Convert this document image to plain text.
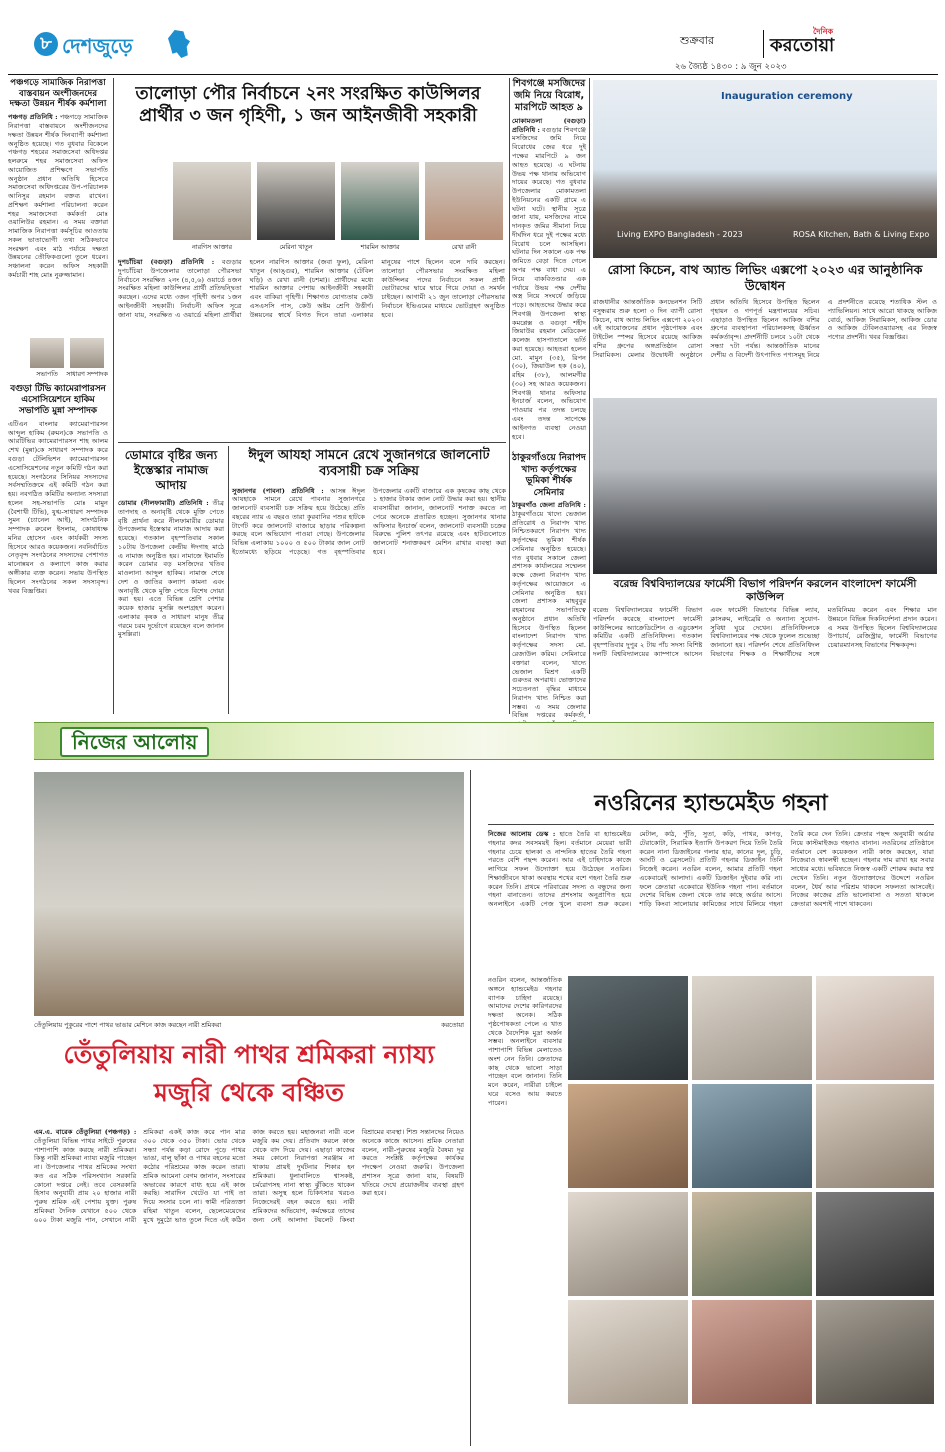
৮ দেশজুড়ে	শুক্রবার
দৈনিক
করতোয়া
২৬ জ্যৈষ্ঠ ১৪৩০ : ৯ জুন ২০২৩
পঞ্চগড়ে সামাজিক নিরাপত্তা বাস্তবায়ন অংশীজনদের দক্ষতা উন্নয়ন শীর্ষক কর্মশালা
পঞ্চগড় প্রতিনিধি : পঞ্চগড়ে সামাজিক নিরাপত্তা বাস্তবায়নে অংশীজনদের দক্ষতা উন্নয়ন শীর্ষক দিনব্যাপী কর্মশালা অনুষ্ঠিত হয়েছে। গত বুধবার বিকেলে পঞ্চগড় শহরের সমাজসেবা অধিদপ্তর হলরুমে শহর সমাজসেবা অফিস আয়োজিত প্রশিক্ষণে সভাপতি অনুষ্ঠান প্রধান অতিথি হিসেবে সমাজসেবা অধিদপ্তরের উপ-পরিচালক আনিসুর রহমান বক্তব্য রাখেন। প্রশিক্ষণ কর্মশালা পরিচালনা করেন শহর সমাজসেবা কর্মকর্তা মোঃ ওয়ালিউর রহমান। এ সময় বক্তারা সামাজিক নিরাপত্তা কর্মসূচির আওতায় সকল ভাতাভোগী তথ্য সঠিকভাবে সংরক্ষণ এবং মাঠ পর্যায়ে দক্ষতা উন্নয়নের তৌফিকগুলো তুলে ধরেন। সঞ্চালনা করেন অফিস সহকারী কর্মচারী শাহ মোঃ নুরুজ্জামান।
সভাপতি	সাধারণ সম্পাদক
বগুড়া টিভি ক্যামেরাপারসন এসোসিয়েশনে হাকিম সভাপতি মুন্না সম্পাদক
এটিএন বাংলার ক্যামেরাপারসন আব্দুল হাকিম (রুমন)কে সভাপতি ও আরটিভির ক্যামেরাপারসন শাহ আলম শেখ (মুন্না)কে সাধারণ সম্পাদক করে বগুড়া টেলিভিশন ক্যামেরাপারসন এসোসিয়েশনের নতুন কমিটি গঠন করা হয়েছে। সংগঠনের সিনিয়র সদস্যদের সর্বসম্মতিক্রমে এই কমিটি গঠন করা হয়। নবগঠিত কমিটির অন্যান্য সদস্যরা হলেন সহ-সভাপতি মোঃ মামুন (বৈশাখী টিভি), যুগ্ম-সাধারণ সম্পাদক সুমন (চ্যানেল আই), সাংগঠনিক সম্পাদক রুবেল ইসলাম, কোষাধ্যক্ষ মনির হোসেন এবং কার্যকরী সদস্য হিসেবে আরও কয়েকজন। নবনির্বাচিত নেতৃবৃন্দ সংগঠনের সদস্যদের পেশাগত মানোন্নয়ন ও কল্যাণে কাজ করার অঙ্গীকার ব্যক্ত করেন। সভায় উপস্থিত ছিলেন সংগঠনের সকল সদস্যবৃন্দ। খবর বিজ্ঞপ্তির।
তালোড়া পৌর নির্বাচনে ২নং সংরক্ষিত কাউন্সিলর প্রার্থীর ৩ জন গৃহিণী, ১ জন আইনজীবী সহকারী
নারগিস আক্তার	মেরিনা খাতুন	শারমিন আক্তার	রেখা রানী
দুপচাঁচিয়া (বগুড়া) প্রতিনিধি : বগুড়ার দুপচাঁচিয়া উপজেলার তালোড়া পৌরসভা নির্বাচনে সংরক্ষিত ২নং (৪,৫,৬) ওয়ার্ডে ৪জন সংরক্ষিত মহিলা কাউন্সিলর প্রার্থী প্রতিদ্বন্দ্বিতা করছেন। এদের মধ্যে ৩জন গৃহিণী অপর ১জন আইনজীবী সহকারী। নির্বাচনী অফিস সূত্রে জানা যায়, সংরক্ষিত এ ওয়ার্ডে মহিলা প্রার্থীরা হলেন নারগিস আক্তার (জবা ফুল), মেরিনা খাতুন (আঙ্গুর), শারমিন আক্তার (টেবিল ঘড়ি) ও রেখা রানী (চশমা)। প্রার্থীদের মধ্যে শারমিন আক্তার পেশায় আইনজীবী সহকারী এবং বাকিরা গৃহিণী। শিক্ষাগত যোগ্যতায় কেউ এসএসসি পাস, কেউ অষ্টম শ্রেণি উত্তীর্ণ। উন্নয়নের স্বার্থে বিগত দিনে তারা এলাকার মানুষের পাশে ছিলেন বলে দাবি করছেন। তালোড়া পৌরসভার সংরক্ষিত মহিলা কাউন্সিলর পদের নির্বাচনে সকল প্রার্থী ভোটারদের দ্বারে দ্বারে গিয়ে দোয়া ও সমর্থন চাইছেন। আগামী ২১ জুন তালোড়া পৌরসভার নির্বাচনে ইভিএমের মাধ্যমে ভোটগ্রহণ অনুষ্ঠিত হবে।
ডোমারে বৃষ্টির জন্য ইস্তেস্কার নামাজ আদায়
ডোমার (নীলফামারী) প্রতিনিধি : তীব্র তাপদাহ ও অনাবৃষ্টি থেকে মুক্তি পেতে বৃষ্টি প্রার্থনা করে নীলফামারীর ডোমার উপজেলায় ইস্তেস্কার নামাজ আদায় করা হয়েছে। গতকাল বৃহস্পতিবার সকাল ১০টায় উপজেলা কেন্দ্রীয় ঈদগাহ মাঠে এ নামাজ অনুষ্ঠিত হয়। নামাজে ইমামতি করেন ডোমার বড় মসজিদের খতিব মাওলানা আব্দুল হাকিম। নামাজ শেষে দেশ ও জাতির কল্যাণ কামনা এবং অনাবৃষ্টি থেকে মুক্তি পেতে বিশেষ দোয়া করা হয়। এতে বিভিন্ন শ্রেণি পেশার কয়েক হাজার মুসল্লি অংশগ্রহণ করেন। এলাকার কৃষক ও সাধারণ মানুষ তীব্র গরমে চরম দুর্ভোগে রয়েছেন বলে জানান মুসল্লিরা।
ঈদুল আযহা সামনে রেখে সুজানগরে জালনোট ব্যবসায়ী চক্র সক্রিয়
সুজানগর (পাবনা) প্রতিনিধি : আসন্ন ঈদুল আযহাকে সামনে রেখে পাবনার সুজানগরে জালনোট ব্যবসায়ী চক্র সক্রিয় হয়ে উঠেছে। প্রতি বছরের ন্যায় এ বছরও তারা কুরবানির পশুর হাটকে টার্গেট করে জালনোট বাজারে ছাড়ার পরিকল্পনা করছে বলে অভিযোগ পাওয়া গেছে। উপজেলার বিভিন্ন এলাকায় ১০০০ ও ৫০০ টাকার জাল নোট ইতোমধ্যে ছড়িয়ে পড়েছে। গত বৃহস্পতিবার উপজেলার একটি বাজারে এক কৃষকের কাছ থেকে ১ হাজার টাকার জাল নোট উদ্ধার করা হয়। স্থানীয় ব্যবসায়ীরা জানান, জালনোট শনাক্ত করতে না পেরে অনেকে প্রতারিত হচ্ছেন। সুজানগর থানার অফিসার ইনচার্জ বলেন, জালনোট ব্যবসায়ী চক্রের বিরুদ্ধে পুলিশ তৎপর রয়েছে এবং হাটগুলোতে জালনোট শনাক্তকরণ মেশিন রাখার ব্যবস্থা করা হবে।
শিবগঞ্জে মসজিদের জমি নিয়ে বিরোধ, মারপিটে আহত ৯
মোকামতলা (বগুড়া) প্রতিনিধি : বগুড়ার শিবগঞ্জে মসজিদের জমি নিয়ে বিরোধের জের ধরে দুই পক্ষের মারপিটে ৯ জন আহত হয়েছে। এ ঘটনায় উভয় পক্ষ থানায় অভিযোগ দায়ের করেছে। গত বুধবার উপজেলার মোকামতলা ইউনিয়নের একটি গ্রামে এ ঘটনা ঘটে। স্থানীয় সূত্রে জানা যায়, মসজিদের নামে দানকৃত জমির সীমানা নিয়ে দীর্ঘদিন ধরে দুই পক্ষের মধ্যে বিরোধ চলে আসছিল। ঘটনার দিন সকালে এক পক্ষ জমিতে বেড়া দিতে গেলে অপর পক্ষ বাধা দেয়। এ নিয়ে বাকবিতণ্ডার এক পর্যায়ে উভয় পক্ষ দেশীয় অস্ত্র নিয়ে সংঘর্ষে জড়িয়ে পড়ে। আহতদের উদ্ধার করে শিবগঞ্জ উপজেলা স্বাস্থ্য কমপ্লেক্স ও বগুড়া শহীদ জিয়াউর রহমান মেডিকেল কলেজ হাসপাতালে ভর্তি করা হয়েছে। আহতরা হলেন মো. মামুন (৩৫), রিপন (৩০), জিয়াউল হক (৪০), রহিম (৩৮), আলমগীর (৩০) সহ আরও কয়েকজন। শিবগঞ্জ থানার অফিসার ইনচার্জ বলেন, অভিযোগ পাওয়ার পর তদন্ত চলছে এবং তদন্ত সাপেক্ষে আইনগত ব্যবস্থা নেওয়া হবে।
ঠাকুরগাঁওয়ে নিরাপদ খাদ্য কর্তৃপক্ষের ভূমিকা শীর্ষক সেমিনার
ঠাকুরগাঁও জেলা প্রতিনিধি : ঠাকুরগাঁওয়ে খাদ্যে ভেজাল প্রতিরোধ ও নিরাপদ খাদ্য নিশ্চিতকরণে নিরাপদ খাদ্য কর্তৃপক্ষের ভূমিকা শীর্ষক সেমিনার অনুষ্ঠিত হয়েছে। গত বুধবার সকালে জেলা প্রশাসক কার্যালয়ের সম্মেলন কক্ষে জেলা নিরাপদ খাদ্য কর্তৃপক্ষের আয়োজনে এ সেমিনার অনুষ্ঠিত হয়। জেলা প্রশাসক মাহবুবুর রহমানের সভাপতিত্বে অনুষ্ঠানে প্রধান অতিথি হিসেবে উপস্থিত ছিলেন বাংলাদেশ নিরাপদ খাদ্য কর্তৃপক্ষের সদস্য মো. রেজাউল করিম। সেমিনারে বক্তারা বলেন, খাদ্যে ভেজাল মিশ্রণ একটি গুরুতর অপরাধ। ভোক্তাদের সচেতনতা বৃদ্ধির মাধ্যমে নিরাপদ খাদ্য নিশ্চিত করা সম্ভব। এ সময় জেলার বিভিন্ন দপ্তরের কর্মকর্তা,
Inauguration ceremony
Living EXPO Bangladesh - 2023	ROSA Kitchen, Bath & Living Expo
রোসা কিচেন, বাথ অ্যান্ড লিভিং এক্সপো ২০২৩ এর আনুষ্ঠানিক উদ্বোধন
রাজধানীর আন্তর্জাতিক কনভেনশন সিটি বসুন্ধরায় শুরু হলো ৩ দিন ব্যাপী রোসা কিচেন, বাথ অ্যান্ড লিভিং এক্সপো ২০২৩। এই আয়োজনের প্রধান পৃষ্ঠপোষক এবং টাইটেল স্পন্সর হিসেবে রয়েছে আকিজ বশির গ্রুপের অঙ্গপ্রতিষ্ঠান রোসা সিরামিকস। মেলার উদ্বোধনী অনুষ্ঠানে প্রধান অতিথি হিসেবে উপস্থিত ছিলেন গৃহায়ন ও গণপূর্ত মন্ত্রণালয়ের সচিব। এছাড়াও উপস্থিত ছিলেন আকিজ বশির গ্রুপের ব্যবস্থাপনা পরিচালকসহ ঊর্ধ্বতন কর্মকর্তাবৃন্দ। প্রদর্শনীটি চলবে ১০টা থেকে সন্ধ্যা ৭টা পর্যন্ত। আন্তর্জাতিক মানের দেশীয় ও বিদেশী উৎপাদিত পণ্যসমূহ নিয়ে এ প্রদর্শনীতে রয়েছে শতাধিক স্টল ও প্যাভিলিয়ন। সাথে আরো থাকছে আকিজ বোর্ড, আকিজ সিরামিকস, আকিজ ডোর ও আকিজ টেবিলওয়্যারসহ এর নিজস্ব পণ্যের প্রদর্শনী। খবর বিজ্ঞপ্তির।
বরেন্দ্র বিশ্ববিদ্যালয়ের ফার্মেসী বিভাগ পরিদর্শন করলেন বাংলাদেশ ফার্মেসী কাউন্সিল
বরেন্দ্র বিশ্ববিদ্যালয়ের ফার্মেসী বিভাগ পরিদর্শন করেছে বাংলাদেশ ফার্মেসী কাউন্সিলের অ্যাক্রেডিটেশন ও এডুকেশন কমিটির একটি প্রতিনিধিদল। গতকাল বৃহস্পতিবার দুপুর ২ টায় পাঁচ সদস্য বিশিষ্ট দলটি বিশ্ববিদ্যালয়ের ক্যাম্পাসে আসেন এবং ফার্মেসী বিভাগের বিভিন্ন ল্যাব, ক্লাসরুম, লাইব্রেরি ও অন্যান্য সুযোগ-সুবিধা ঘুরে দেখেন। প্রতিনিধিদলকে বিশ্ববিদ্যালয়ের পক্ষ থেকে ফুলেল শুভেচ্ছা জানানো হয়। পরিদর্শন শেষে প্রতিনিধিদল বিভাগের শিক্ষক ও শিক্ষার্থীদের সঙ্গে মতবিনিময় করেন এবং শিক্ষার মান উন্নয়নে বিভিন্ন দিকনির্দেশনা প্রদান করেন। এ সময় উপস্থিত ছিলেন বিশ্ববিদ্যালয়ের উপাচার্য, রেজিস্ট্রার, ফার্মেসী বিভাগের চেয়ারম্যানসহ বিভাগের শিক্ষকবৃন্দ।
নিজের আলোয়
তেঁতুলিয়ায় পুকুরের পাশে পাথর ভাঙার মেশিনে কাজ করছেন নারী শ্রমিকরা	করতোয়া
তেঁতুলিয়ায় নারী পাথর শ্রমিকরা ন্যায্য মজুরি থেকে বঞ্চিত
এম.এ. বারেক তেঁতুলিয়া (পঞ্চগড়) : তেঁতুলিয়া বিভিন্ন পাথর সাইটে পুরুষের পাশাপাশি কাজ করছে নারী শ্রমিকরা। কিন্তু নারী শ্রমিকরা ন্যায্য মজুরি পাচ্ছেন না। উপজেলার পাথর শ্রমিকের সংখ্যা কত এর সঠিক পরিসংখ্যান সরকারি কোনো দপ্তরে নেই। তবে বেসরকারি হিসাব অনুযায়ী প্রায় ২০ হাজার নারী পুরুষ শ্রমিক এই পেশায় যুক্ত। পুরুষ শ্রমিকরা দৈনিক যেখানে ৫০০ থেকে ৬০০ টাকা মজুরি পান, সেখানে নারী শ্রমিকরা একই কাজ করে পান মাত্র ৩০০ থেকে ৩৫০ টাকা। ভোর থেকে সন্ধ্যা পর্যন্ত কড়া রোদে পুড়ে পাথর ভাঙা, বালু ছাঁকা ও পাথর বহনের মতো কঠোর পরিশ্রমের কাজ করেন তারা। শ্রমিক আমেনা বেগম জানান, সংসারের অভাবের কারণে বাধ্য হয়ে এই কাজ করছি। সারাদিন খেটেও যা পাই তা দিয়ে সংসার চলে না। স্বামী পরিত্যক্তা রহিমা খাতুন বলেন, ছেলেমেয়েদের মুখে দুমুঠো ভাত তুলে দিতে এই কঠিন কাজ করতে হয়। মহাজনরা নারী বলে মজুরি কম দেয়। প্রতিবাদ করলে কাজ থেকে বাদ দিয়ে দেয়। এছাড়া কাজের সময় কোনো নিরাপত্তা সরঞ্জাম না থাকায় প্রায়ই দুর্ঘটনার শিকার হন শ্রমিকরা। ধুলাবালিতে শ্বাসকষ্ট, চর্মরোগসহ নানা স্বাস্থ্য ঝুঁকিতে থাকেন তারা। অসুস্থ হলে চিকিৎসার খরচও নিজেদেরই বহন করতে হয়। নারী শ্রমিকদের অভিযোগ, কর্মক্ষেত্রে তাদের জন্য নেই আলাদা টয়লেট কিংবা বিশ্রামের ব্যবস্থা। শিশু সন্তানদের নিয়েও অনেকে কাজে আসেন। শ্রমিক নেতারা বলেন, নারী-পুরুষের মজুরি বৈষম্য দূর করতে সংশ্লিষ্ট কর্তৃপক্ষের কার্যকর পদক্ষেপ নেওয়া জরুরি। উপজেলা প্রশাসন সূত্রে জানা যায়, বিষয়টি খতিয়ে দেখে প্রয়োজনীয় ব্যবস্থা গ্রহণ করা হবে।
নওরিনের হ্যান্ডমেইড গহনা
নিজের আলোয় ডেস্ক : হাতে তৈরি বা হ্যান্ডমেইড গহনার কদর সবসময়ই ছিল। বর্তমানে মেয়েরা ভারী গহনার চেয়ে হালকা ও নান্দনিক হাতের তৈরি গহনা পরতে বেশি পছন্দ করেন। আর এই চাহিদাকে কাজে লাগিয়ে সফল উদ্যোক্তা হয়ে উঠেছেন নওরিন। শিক্ষাজীবনে থাকা অবস্থায় শখের বশে গহনা তৈরি শুরু করেন তিনি। প্রথমে পরিবারের সদস্য ও বন্ধুদের জন্য গহনা বানাতেন। তাদের প্রশংসায় অনুপ্রাণিত হয়ে অনলাইনে একটি পেজ খুলে ব্যবসা শুরু করেন। মেটাল, কাঠ, পুঁতি, সুতা, কড়ি, পাথর, কাপড়, টেরাকোটা, সিরামিক ইত্যাদি উপকরণ দিয়ে তিনি তৈরি করেন নানা ডিজাইনের গলার হার, কানের দুল, চুড়ি, আংটি ও ব্রেসলেট। প্রতিটি গহনার ডিজাইন তিনি নিজেই করেন। নওরিন বলেন, আমার প্রতিটি গহনা একেবারেই আলাদা। একটি ডিজাইন দুইবার করি না। ফলে ক্রেতারা একেবারে ইউনিক গহনা পান। বর্তমানে দেশের বিভিন্ন জেলা থেকে তার কাছে অর্ডার আসে। শাড়ি কিংবা সালোয়ার কামিজের সাথে মিলিয়ে গহনা তৈরি করে দেন তিনি। ক্রেতার পছন্দ অনুযায়ী অর্ডার নিয়ে কাস্টমাইজড গহনাও বানান। নওরিনের প্রতিষ্ঠানে বর্তমানে বেশ কয়েকজন নারী কাজ করছেন, যারা নিজেরাও স্বাবলম্বী হচ্ছেন। গহনার দাম রাখা হয় সবার সাধ্যের মধ্যে। ভবিষ্যতে নিজস্ব একটি শোরুম করার স্বপ্ন দেখেন তিনি। নতুন উদ্যোক্তাদের উদ্দেশে নওরিন বলেন, ধৈর্য আর পরিশ্রম থাকলে সফলতা আসবেই। নিজের কাজের প্রতি ভালোবাসা ও সততা থাকলে ক্রেতারা অবশ্যই পাশে থাকবেন।
নওরিন বলেন, আন্তর্জাতিক অঙ্গনে হ্যান্ডমেইড গহনার ব্যাপক চাহিদা রয়েছে। আমাদের দেশের কারিগরদের দক্ষতা অনেক। সঠিক পৃষ্ঠপোষকতা পেলে এ খাত থেকে বৈদেশিক মুদ্রা অর্জন সম্ভব। অনলাইনে ব্যবসার পাশাপাশি বিভিন্ন মেলাতেও অংশ নেন তিনি। ক্রেতাদের কাছ থেকে ভালো সাড়া পাচ্ছেন বলে জানান। তিনি মনে করেন, নারীরা চাইলে ঘরে বসেও আয় করতে পারেন।
